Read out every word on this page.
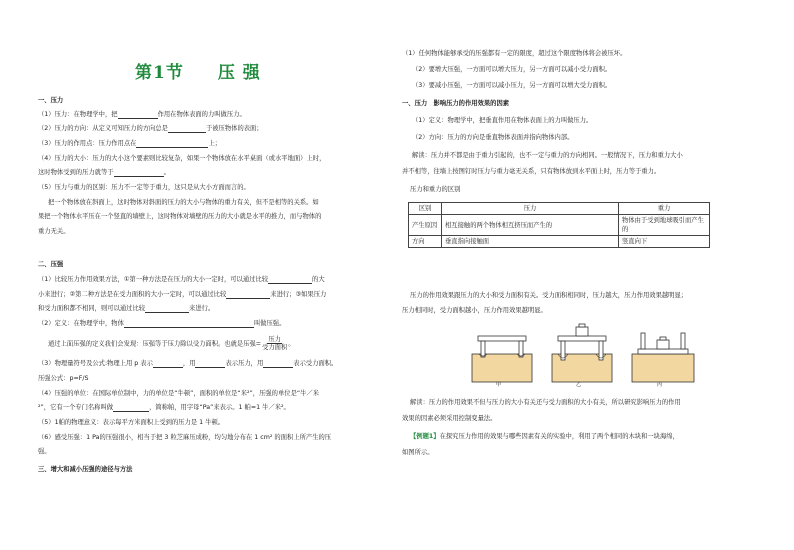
第1节 压 强
一、压力
（1）压力：在物理学中，把	作用在物体表面的力叫做压力。
（2）压力的方向：从定义可知压力的方向总是	于被压物体的表面；
（3）压力的作用点：压力作用点在	上；
（4）压力的大小：压力的大小这个要素则比较复杂，如果一个物体放在水平桌面（或水平地面）上时，
这时物体受到的压力就等于	。
（5）压力与重力的区别：压力不一定等于重力，这只是从大小方面而言的。
把一个物体放在斜面上，这时物体对斜面的压力的大小与物体的重力有关，但不是相等的关系。如
果把一个物体水平压在一个竖直的墙壁上，这时物体对墙壁的压力的大小就是水平的推力，而与物体的
重力无关。
二、压强
（1）比较压力作用效果方法，①第一种方法是在压力的大小一定时，可以通过比较	的大
小来进行；②第二种方法是在受力面积的大小一定时，可以通过比较	来进行；③如果压力
和受力面积都不相同，则可以通过比较	来进行。
（2）定义：在物理学中，物体	叫做压强。
通过上面压强的定义我们会发现：压强等于压力除以受力面积。也就是压强= $\frac{\text{压力}}{\text{受力面积}}$ 。
（3）物理量符号及公式:物理上用 p 表示	，用	表示压力，用	表示受力面积。
压强公式：p=F/S
（4）压强的单位：在国际单位制中，力的单位是“牛顿”，面积的单位是“米²”，压强的单位是“牛／米
²”，它有一个专门名称叫做	，简称帕，用字母“Pa”来表示。1 帕=1 牛／米²。
（5）1帕的物理意义：表示每平方米面积上受到的压力是 1 牛顿。
（6）感受压强：1 Pa的压强很小，相当于把 3 粒芝麻压成粉，均匀地分布在 1 cm² 的面积上所产生的压
强。
三、增大和减小压强的途径与方法
（1）任何物体能够承受的压强都有一定的限度，超过这个限度物体将会被压坏。
（2）要增大压强，一方面可以增大压力，另一方面可以减小受力面积。
（3）要减小压强，一方面可以减小压力，另一方面可以增大受力面积。
一、压力　影响压力的作用效果的因素
（1）定义：物理学中，把垂直作用在物体表面上的力叫做压力。
（2）方向：压力的方向是垂直物体表面并指向物体内部。
解读：压力并不都是由于重力引起的，也不一定与重力的方向相同。一般情况下，压力和重力大小
并不相等，往墙上按图钉时压力与重力毫无关系，只有物体放到水平面上时，压力等于重力。
压力和重力的区别
区别	压力	重力
产生原因	相互接触的两个物体相互挤压而产生的	物体由于受到地球吸引而产生的
方向	垂直指向接触面	竖直向下
压力的作用效果跟压力的大小和受力面积有关。受力面积相同时，压力越大，压力作用效果越明显；
压力相同时，受力面积越小，压力作用效果越明显。
甲	乙	丙
解读：压力的作用效果不但与压力的大小有关还与受力面积的大小有关，所以研究影响压力的作用
效果的因素必须采用控制变量法。
【例题1】在探究压力作用的效果与哪些因素有关的实验中，利用了两个相同的木块和一块海绵，
如图所示。
